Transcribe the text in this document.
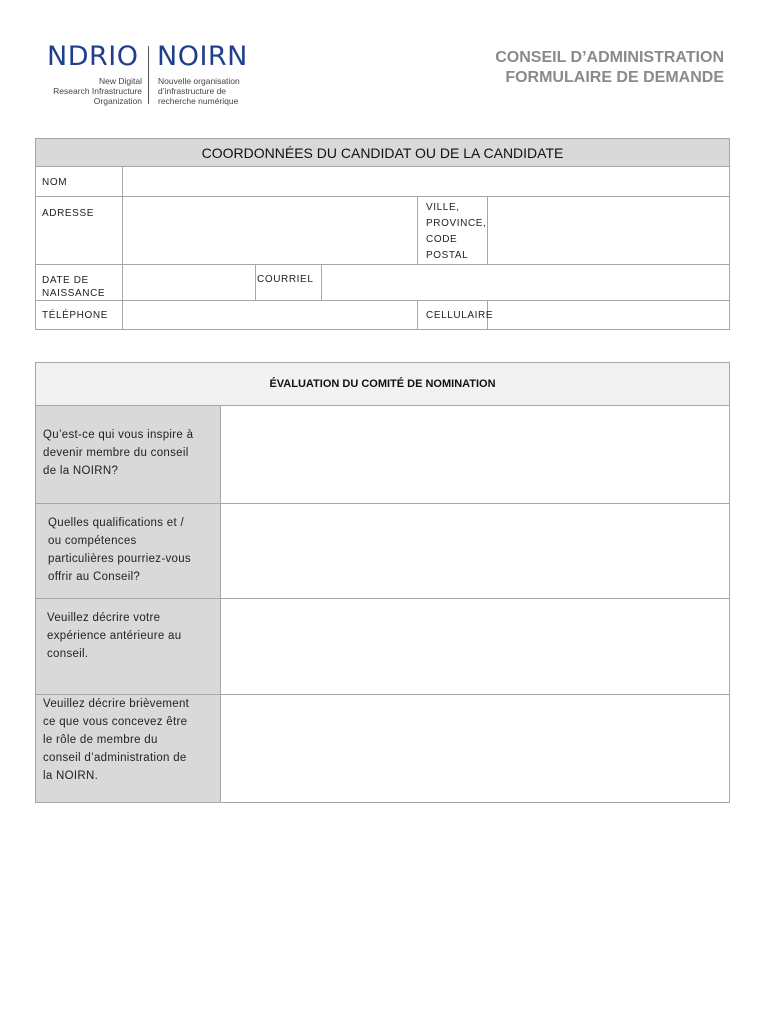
NDRIO NOIRN
New Digital
Research Infrastructure
Organization
Nouvelle organisation
d’infrastructure de
recherche numérique
CONSEIL D’ADMINISTRATION
FORMULAIRE DE DEMANDE
COORDONNÉES DU CANDIDAT OU DE LA CANDIDATE					
NOM					
ADRESSE				VILLE,
PROVINCE,
CODE
POSTAL	

DATE DE
NAISSANCE		COURRIEL			
TÉLÉPHONE				CELLULAIRE	
ÉVALUATION DU COMITÉ DE NOMINATION	

Qu’est-ce qui vous inspire à
devenir membre du conseil
de la NOIRN?	

Quelles qualifications et /
ou compétences
particulières pourriez-vous
offrir au Conseil?	

Veuillez décrire votre
expérience antérieure au
conseil.	

Veuillez décrire brièvement
ce que vous concevez être
le rôle de membre du
conseil d’administration de
la NOIRN.	
